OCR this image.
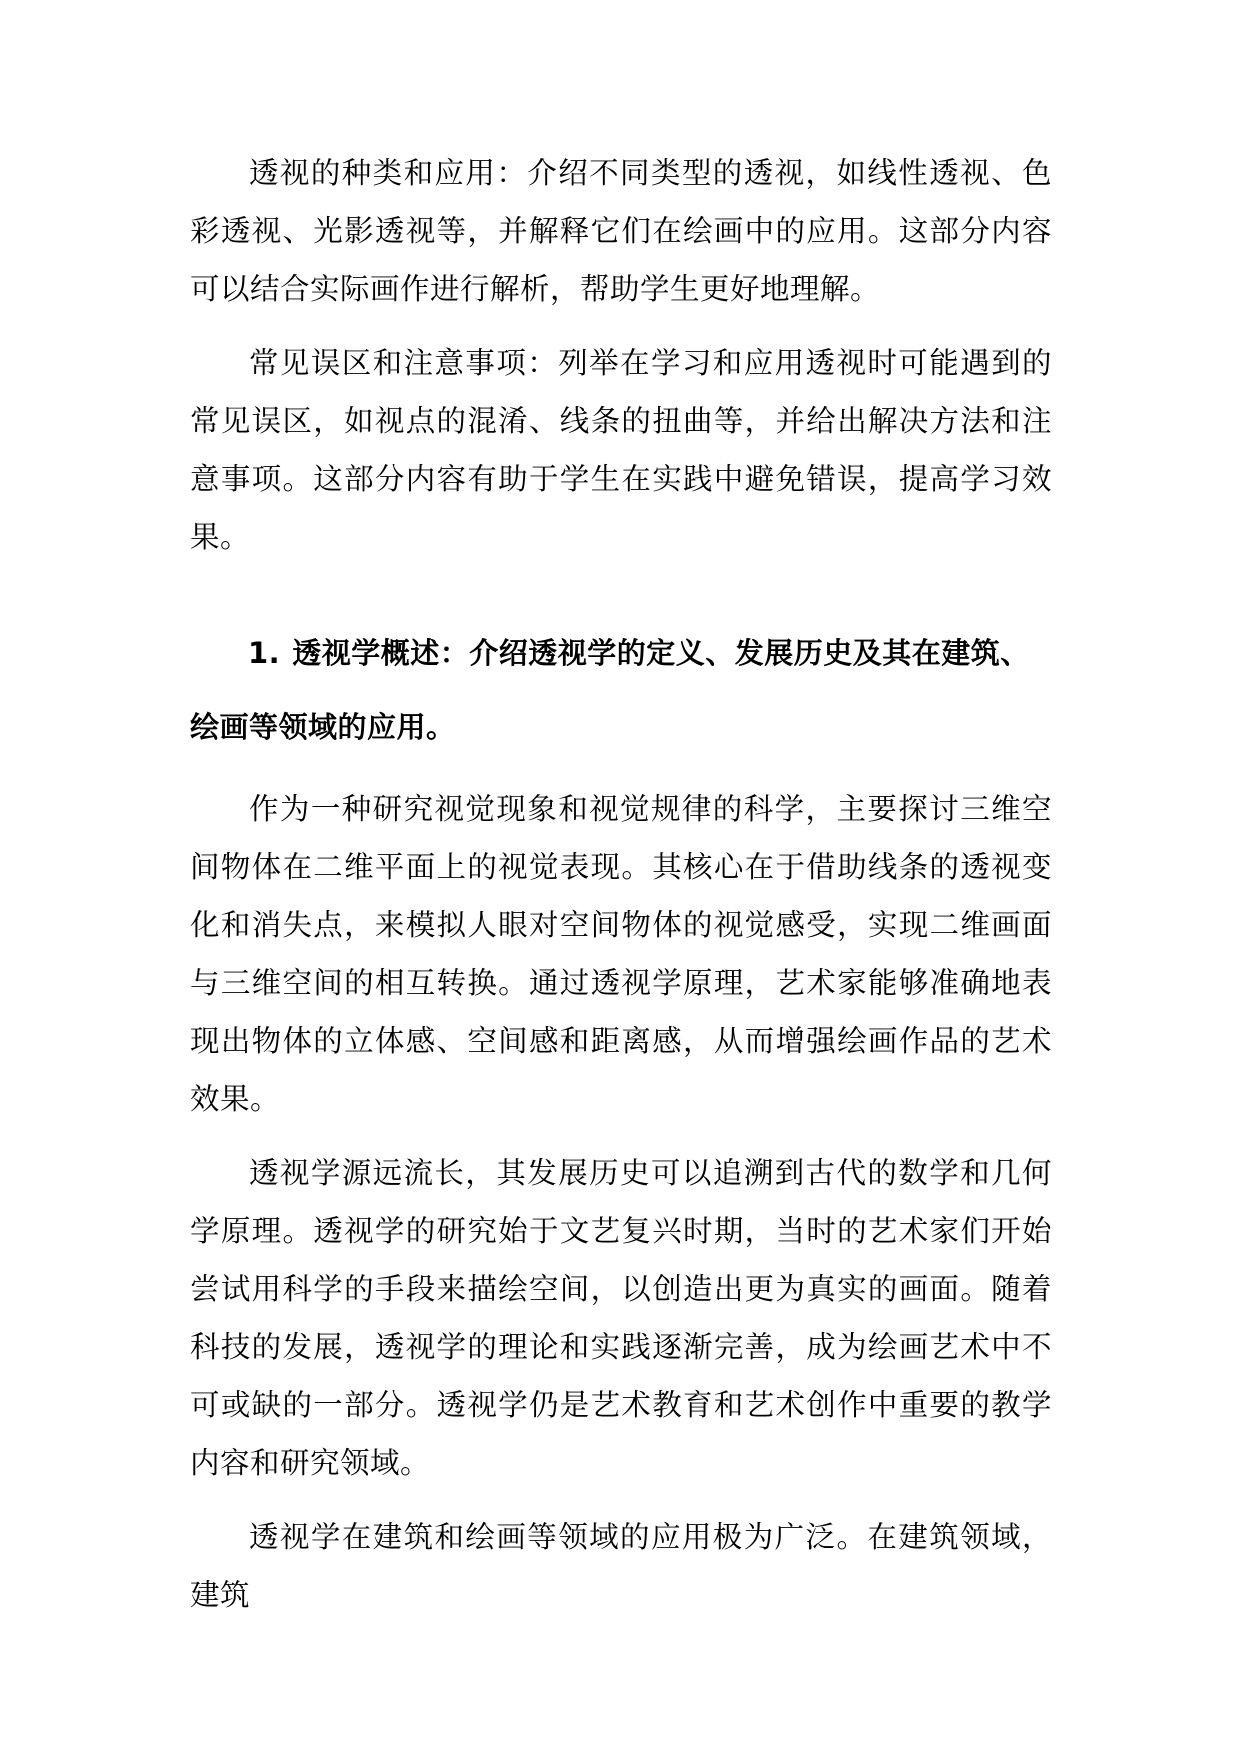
透视的种类和应用：介绍不同类型的透视，如线性透视、色彩透视、光影透视等，并解释它们在绘画中的应用。这部分内容可以结合实际画作进行解析，帮助学生更好地理解。

常见误区和注意事项：列举在学习和应用透视时可能遇到的常见误区，如视点的混淆、线条的扭曲等，并给出解决方法和注意事项。这部分内容有助于学生在实践中避免错误，提高学习效果。

1. 透视学概述：介绍透视学的定义、发展历史及其在建筑、绘画等领域的应用。

作为一种研究视觉现象和视觉规律的科学，主要探讨三维空间物体在二维平面上的视觉表现。其核心在于借助线条的透视变化和消失点，来模拟人眼对空间物体的视觉感受，实现二维画面与三维空间的相互转换。通过透视学原理，艺术家能够准确地表现出物体的立体感、空间感和距离感，从而增强绘画作品的艺术效果。

透视学源远流长，其发展历史可以追溯到古代的数学和几何学原理。透视学的研究始于文艺复兴时期，当时的艺术家们开始尝试用科学的手段来描绘空间，以创造出更为真实的画面。随着科技的发展，透视学的理论和实践逐渐完善，成为绘画艺术中不可或缺的一部分。透视学仍是艺术教育和艺术创作中重要的教学内容和研究领域。

透视学在建筑和绘画等领域的应用极为广泛。在建筑领域，建筑
